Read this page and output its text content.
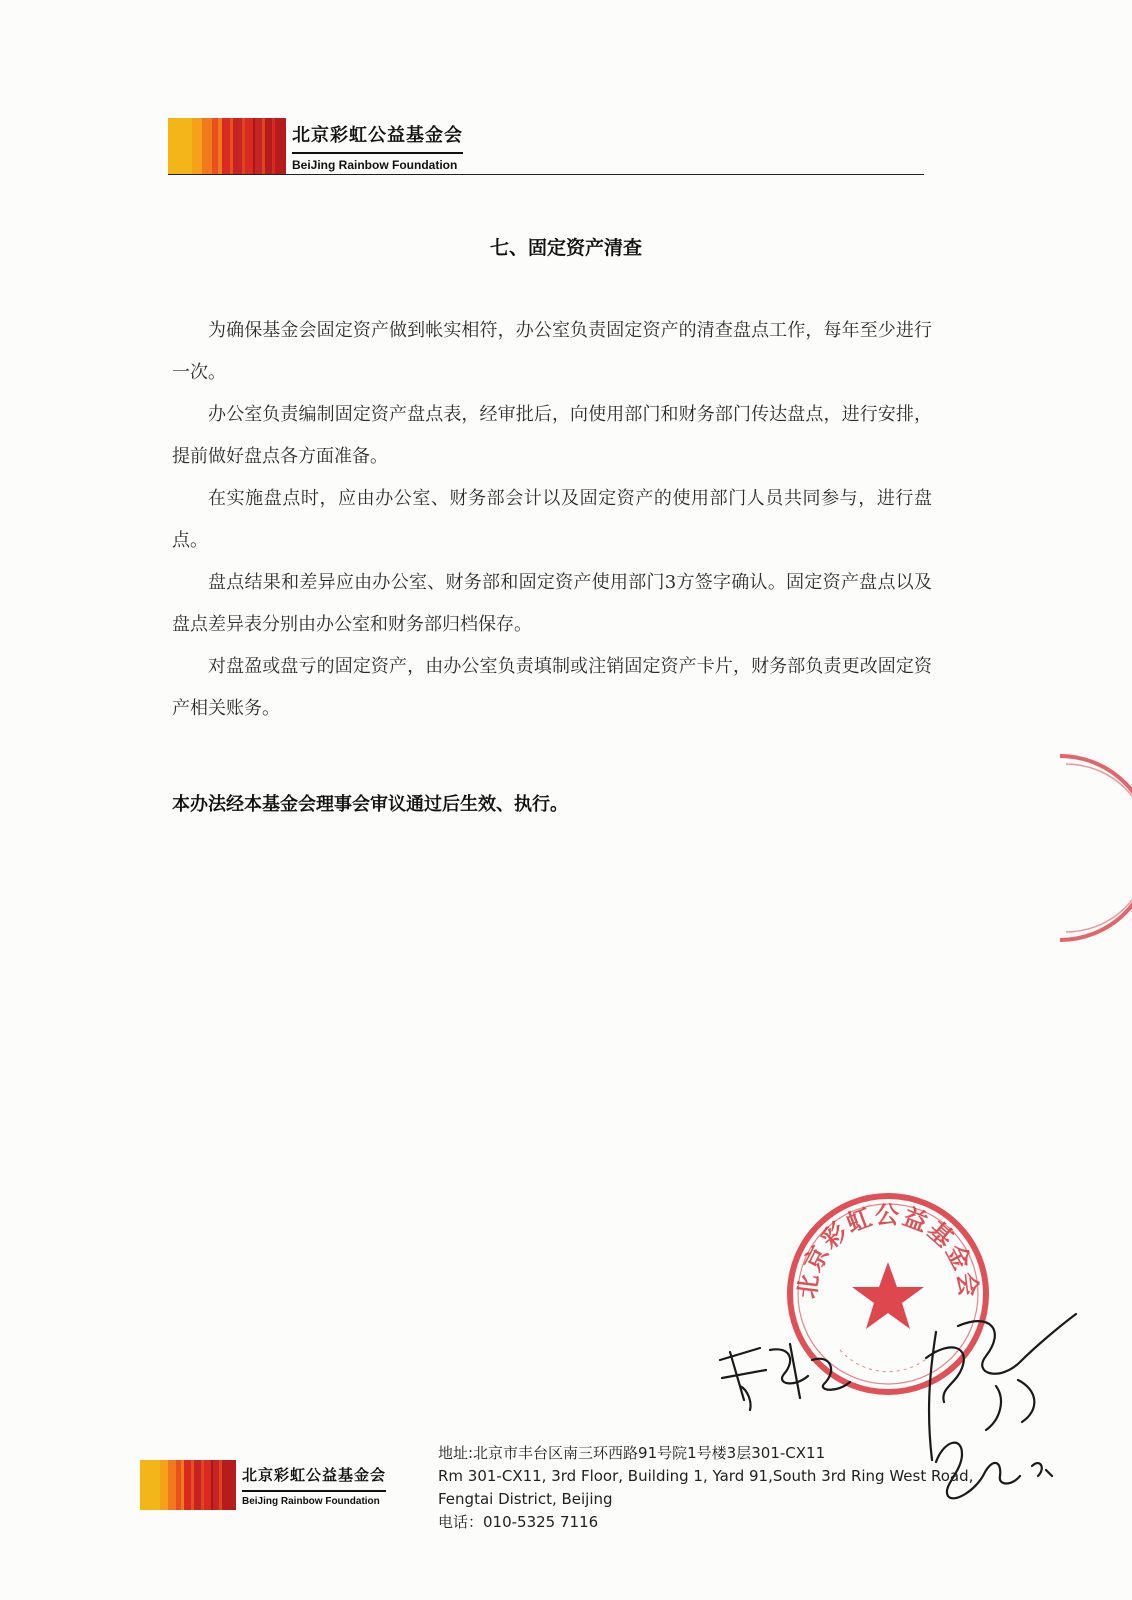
北京彩虹公益基金会
BeiJing Rainbow Foundation
七、固定资产清查

为确保基金会固定资产做到帐实相符，办公室负责固定资产的清查盘点工作，每年至少进行一次。

办公室负责编制固定资产盘点表，经审批后，向使用部门和财务部门传达盘点，进行安排，提前做好盘点各方面准备。

在实施盘点时，应由办公室、财务部会计以及固定资产的使用部门人员共同参与，进行盘点。

盘点结果和差异应由办公室、财务部和固定资产使用部门3方签字确认。固定资产盘点以及盘点差异表分别由办公室和财务部归档保存。

对盘盈或盘亏的固定资产，由办公室负责填制或注销固定资产卡片，财务部负责更改固定资产相关账务。

本办法经本基金会理事会审议通过后生效、执行。
北京彩虹公益基金会
北京彩虹公益基金会
BeiJing Rainbow Foundation
地址:北京市丰台区南三环西路91号院1号楼3层301-CX11
Rm 301-CX11, 3rd Floor, Building 1, Yard 91,South 3rd Ring West Road,
Fengtai District, Beijing
电话：010-5325 7116
